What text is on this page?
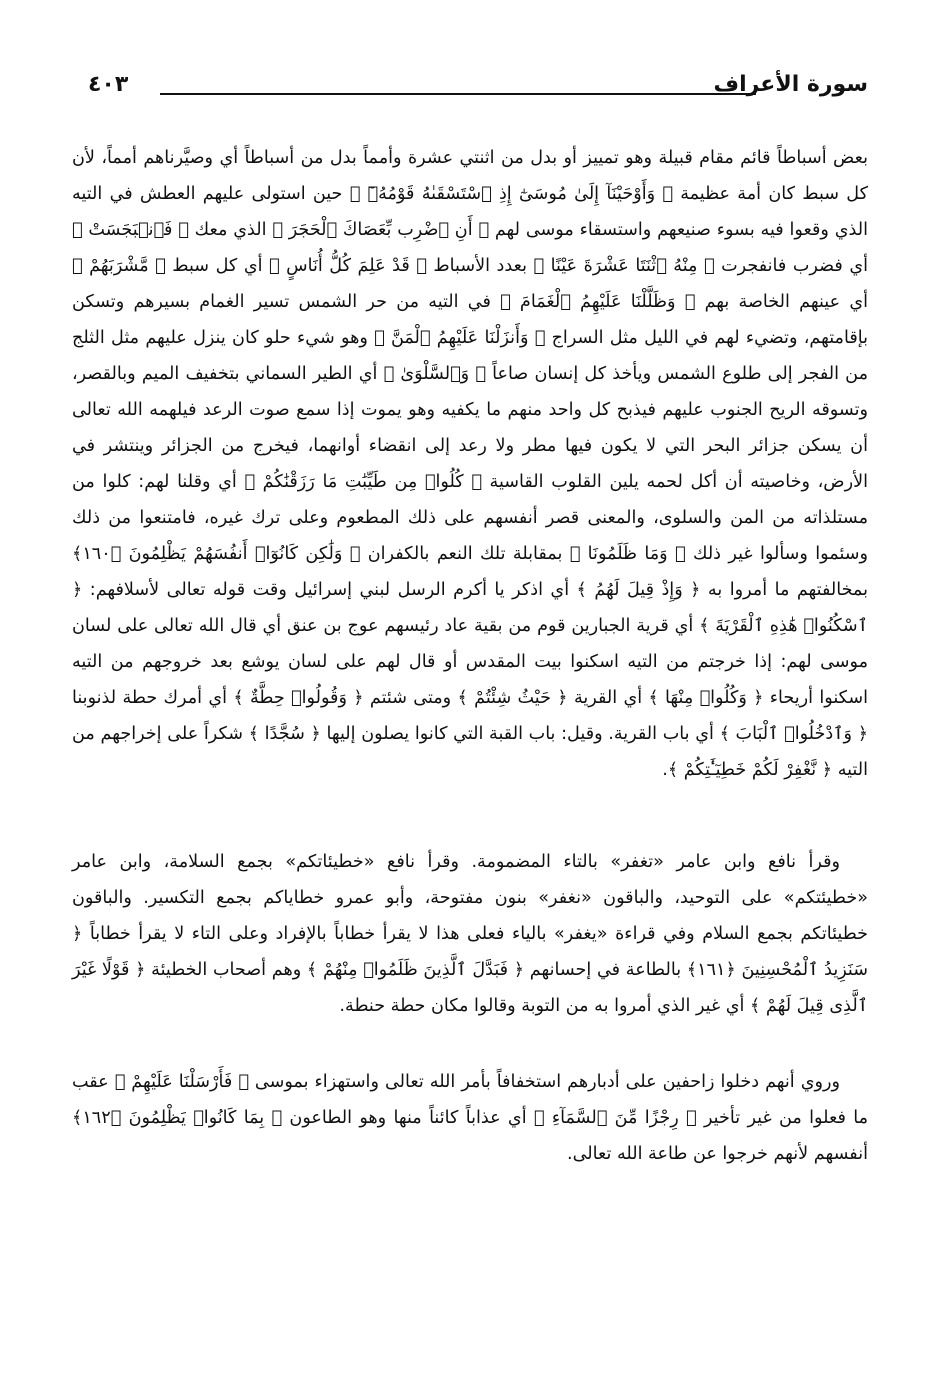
سورة الأعراف
٤٠٣

بعض أسباطاً قائم مقام قبيلة وهو تمييز أو بدل من اثنتي عشرة وأمماً بدل من أسباطاً أي وصيَّرناهم أمماً، لأن كل سبط كان أمة عظيمة ﴿ وَأَوْحَيْنَآ إِلَىٰ مُوسَىٰٓ إِذِ ٱسْتَسْقَىٰهُ قَوْمُهُۥٓ ﴾ حين استولى عليهم العطش في التيه الذي وقعوا فيه بسوء صنيعهم واستسقاء موسى لهم ﴿ أَنِ ٱضْرِب بِّعَصَاكَ ٱلْحَجَرَ ﴾ الذي معك ﴿ فَٱنۢبَجَسَتْ ﴾ أي فضرب فانفجرت ﴿ مِنْهُ ٱثْنَتَا عَشْرَةَ عَيْنًا ﴾ بعدد الأسباط ﴿ قَدْ عَلِمَ كُلُّ أُنَاسٍ ﴾ أي كل سبط ﴿ مَّشْرَبَهُمْ ﴾ أي عينهم الخاصة بهم ﴿ وَظَلَّلْنَا عَلَيْهِمُ ٱلْغَمَامَ ﴾ في التيه من حر الشمس تسير الغمام بسيرهم وتسكن بإقامتهم، وتضيء لهم في الليل مثل السراج ﴿ وَأَنزَلْنَا عَلَيْهِمُ ٱلْمَنَّ ﴾ وهو شيء حلو كان ينزل عليهم مثل الثلج من الفجر إلى طلوع الشمس ويأخذ كل إنسان صاعاً ﴿ وَٱلسَّلْوَىٰ ﴾ أي الطير السماني بتخفيف الميم وبالقصر، وتسوقه الريح الجنوب عليهم فيذبح كل واحد منهم ما يكفيه وهو يموت إذا سمع صوت الرعد فيلهمه الله تعالى أن يسكن جزائر البحر التي لا يكون فيها مطر ولا رعد إلى انقضاء أوانهما، فيخرج من الجزائر وينتشر في الأرض، وخاصيته أن أكل لحمه يلين القلوب القاسية ﴿ كُلُوا۟ مِن طَيِّبَٰتِ مَا رَزَقْنَٰكُمْ ﴾ أي وقلنا لهم: كلوا من مستلذاته من المن والسلوى، والمعنى قصر أنفسهم على ذلك المطعوم وعلى ترك غيره، فامتنعوا من ذلك وسئموا وسألوا غير ذلك ﴿ وَمَا ظَلَمُونَا ﴾ بمقابلة تلك النعم بالكفران ﴿ وَلَٰكِن كَانُوٓا۟ أَنفُسَهُمْ يَظْلِمُونَ ﴿١٦٠﴾ بمخالفتهم ما أمروا به ﴿ وَإِذْ قِيلَ لَهُمُ ﴾ أي اذكر يا أكرم الرسل لبني إسرائيل وقت قوله تعالى لأسلافهم: ﴿ ٱسْكُنُوا۟ هَٰذِهِ ٱلْقَرْيَةَ ﴾ أي قرية الجبارين قوم من بقية عاد رئيسهم عوج بن عنق أي قال الله تعالى على لسان موسى لهم: إذا خرجتم من التيه اسكنوا بيت المقدس أو قال لهم على لسان يوشع بعد خروجهم من التيه اسكنوا أريحاء ﴿ وَكُلُوا۟ مِنْهَا ﴾ أي القرية ﴿ حَيْثُ شِئْتُمْ ﴾ ومتى شئتم ﴿ وَقُولُوا۟ حِطَّةٌ ﴾ أي أمرك حطة لذنوبنا ﴿ وَٱدْخُلُوا۟ ٱلْبَابَ ﴾ أي باب القرية. وقيل: باب القبة التي كانوا يصلون إليها ﴿ سُجَّدًا ﴾ شكراً على إخراجهم من التيه ﴿ نَّغْفِرْ لَكُمْ خَطِيٓـَٰٔتِكُمْ ﴾.

وقرأ نافع وابن عامر «تغفر» بالتاء المضمومة. وقرأ نافع «خطيئاتكم» بجمع السلامة، وابن عامر «خطيئتكم» على التوحيد، والباقون «نغفر» بنون مفتوحة، وأبو عمرو خطاياكم بجمع التكسير. والباقون خطيئاتكم بجمع السلام وفي قراءة «يغفر» بالياء فعلى هذا لا يقرأ خطاباً بالإفراد وعلى التاء لا يقرأ خطاباً ﴿ سَنَزِيدُ ٱلْمُحْسِنِينَ ﴿١٦١﴾ بالطاعة في إحسانهم ﴿ فَبَدَّلَ ٱلَّذِينَ ظَلَمُوا۟ مِنْهُمْ ﴾ وهم أصحاب الخطيئة ﴿ قَوْلًا غَيْرَ ٱلَّذِى قِيلَ لَهُمْ ﴾ أي غير الذي أمروا به من التوبة وقالوا مكان حطة حنطة.

وروي أنهم دخلوا زاحفين على أدبارهم استخفافاً بأمر الله تعالى واستهزاء بموسى ﴿ فَأَرْسَلْنَا عَلَيْهِمْ ﴾ عقب ما فعلوا من غير تأخير ﴿ رِجْزًا مِّنَ ٱلسَّمَآءِ ﴾ أي عذاباً كائناً منها وهو الطاعون ﴿ بِمَا كَانُوا۟ يَظْلِمُونَ ﴿١٦٢﴾ أنفسهم لأنهم خرجوا عن طاعة الله تعالى.
